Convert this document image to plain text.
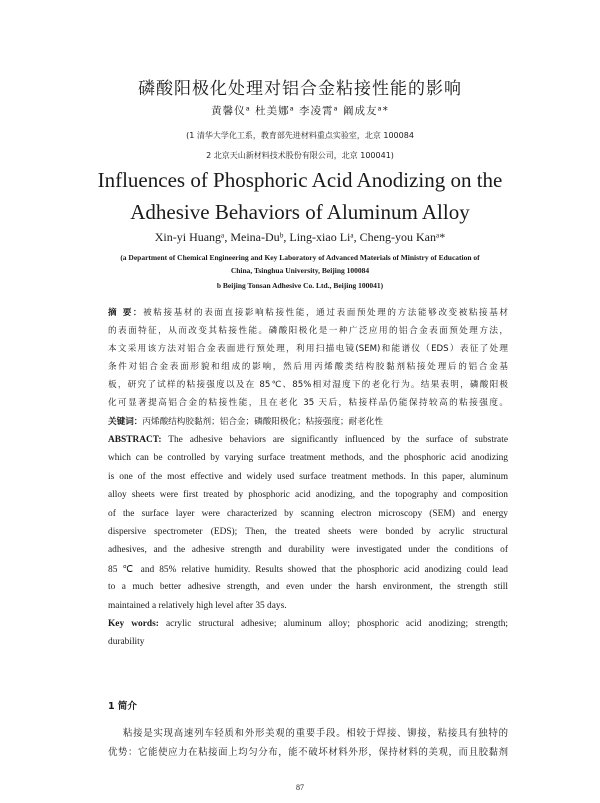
磷酸阳极化处理对铝合金粘接性能的影响
黄馨仪ᵃ 杜美娜ᵃ 李凌霄ᵃ 阚成友ᵃ*
(1 清华大学化工系，教育部先进材料重点实验室，北京 100084
2 北京天山新材料技术股份有限公司，北京 100041)
Influences of Phosphoric Acid Anodizing on the
Adhesive Behaviors of Aluminum Alloy
Xin-yi Huangᵃ, Meina-Duᵇ, Ling-xiao Liᵃ, Cheng-you Kanᵃ*
(a Department of Chemical Engineering and Key Laboratory of Advanced Materials of Ministry of Education of
China, Tsinghua University, Beijing 100084
b Beijing Tonsan Adhesive Co. Ltd., Beijing 100041)
摘 要：被粘接基材的表面直接影响粘接性能，通过表面预处理的方法能够改变被粘接基材
的表面特征，从而改变其粘接性能。磷酸阳极化是一种广泛应用的铝合金表面预处理方法，
本文采用该方法对铝合金表面进行预处理，利用扫描电镜(SEM)和能谱仪（EDS）表征了处理
条件对铝合金表面形貌和组成的影响，然后用丙烯酸类结构胶黏剂粘接处理后的铝合金基
板，研究了试样的粘接强度以及在 85℃、85%相对湿度下的老化行为。结果表明，磷酸阳极
化可显著提高铝合金的粘接性能，且在老化 35 天后，粘接样品仍能保持较高的粘接强度。
关键词：丙烯酸结构胶黏剂；铝合金；磷酸阳极化；粘接强度；耐老化性
ABSTRACT: The adhesive behaviors are significantly influenced by the surface of substrate
which can be controlled by varying surface treatment methods, and the phosphoric acid anodizing
is one of the most effective and widely used surface treatment methods. In this paper, aluminum
alloy sheets were first treated by phosphoric acid anodizing, and the topography and composition
of the surface layer were characterized by scanning electron microscopy (SEM) and energy
dispersive spectrometer (EDS); Then, the treated sheets were bonded by acrylic structural
adhesives, and the adhesive strength and durability were investigated under the conditions of
85 ℃ and 85% relative humidity. Results showed that the phosphoric acid anodizing could lead
to a much better adhesive strength, and even under the harsh environment, the strength still
maintained a relatively high level after 35 days.
Key words: acrylic structural adhesive; aluminum alloy; phosphoric acid anodizing; strength;
durability
1 简介
粘接是实现高速列车轻质和外形美观的重要手段。相较于焊接、铆接，粘接具有独特的
优势：它能使应力在粘接面上均匀分布，能不破坏材料外形，保持材料的美观，而且胶黏剂
87
